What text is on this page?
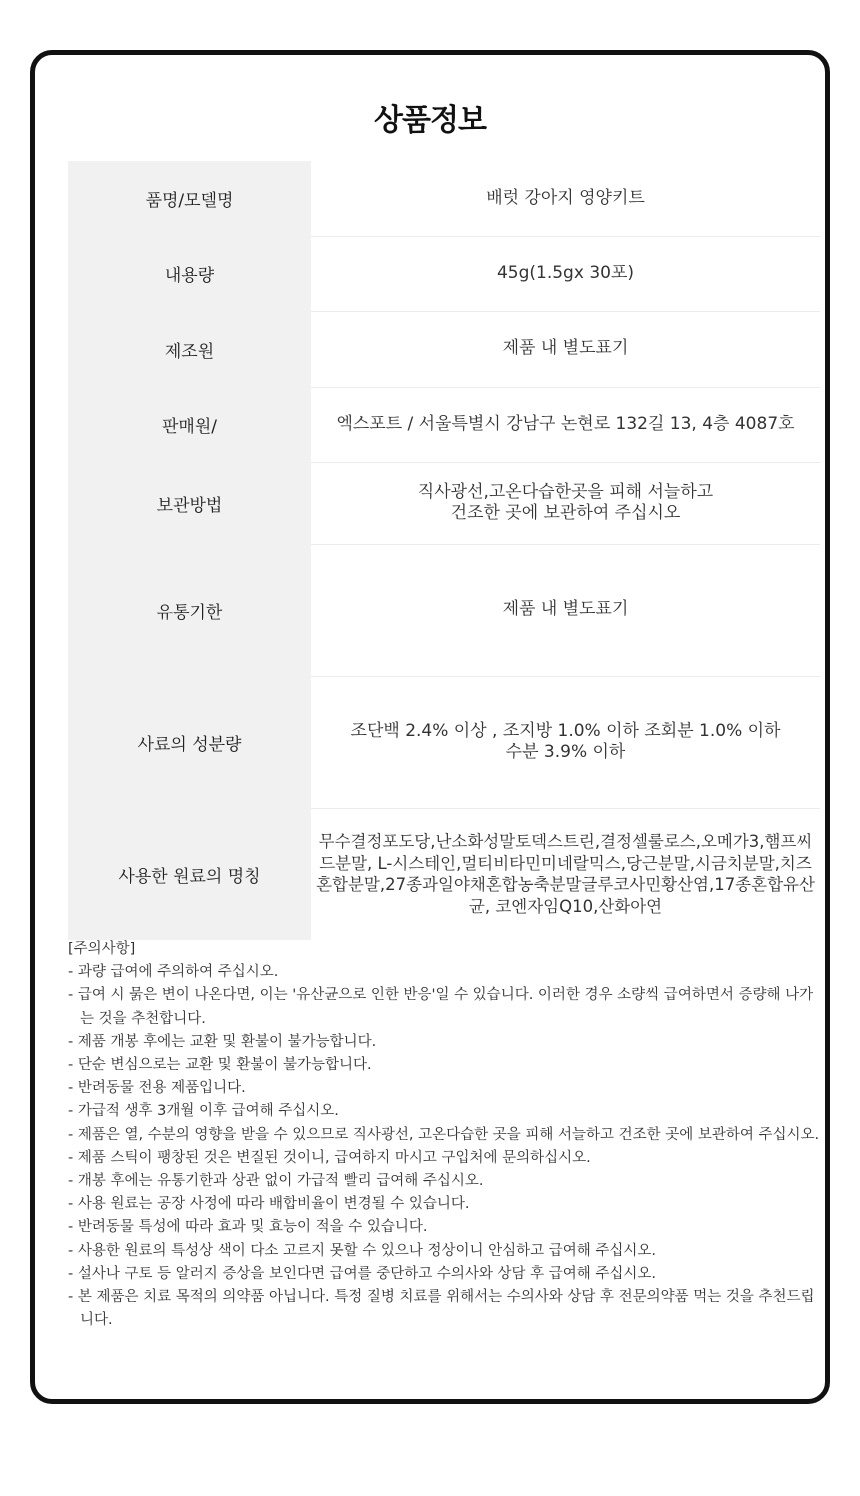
상품정보
품명/모델명	배럿 강아지 영양키트
내용량	45g(1.5gx 30포)
제조원	제품 내 별도표기
판매원/	엑스포트 / 서울특별시 강남구 논현로 132길 13, 4층 4087호
보관방법	직사광선,고온다습한곳을 피해 서늘하고
건조한 곳에 보관하여 주십시오
유통기한	제품 내 별도표기
사료의 성분량	조단백 2.4% 이상 , 조지방 1.0% 이하 조회분 1.0% 이하
수분 3.9% 이하
사용한 원료의 명칭	무수결정포도당,난소화성말토덱스트린,결정셀룰로스,오메가3,햄프씨드분말, L-시스테인,멀티비타민미네랄믹스,당근분말,시금치분말,치즈혼합분말,27종과일야채혼합농축분말글루코사민황산염,17종혼합유산균, 코엔자임Q10,산화아연
[주의사항]
- 과량 급여에 주의하여 주십시오.
- 급여 시 묽은 변이 나온다면, 이는 '유산균으로 인한 반응'일 수 있습니다. 이러한 경우 소량씩 급여하면서 증량해 나가는 것을 추천합니다.
- 제품 개봉 후에는 교환 및 환불이 불가능합니다.
- 단순 변심으로는 교환 및 환불이 불가능합니다.
- 반려동물 전용 제품입니다.
- 가급적 생후 3개월 이후 급여해 주십시오.
- 제품은 열, 수분의 영향을 받을 수 있으므로 직사광선, 고온다습한 곳을 피해 서늘하고 건조한 곳에 보관하여 주십시오.
- 제품 스틱이 팽창된 것은 변질된 것이니, 급여하지 마시고 구입처에 문의하십시오.
- 개봉 후에는 유통기한과 상관 없이 가급적 빨리 급여해 주십시오.
- 사용 원료는 공장 사정에 따라 배합비율이 변경될 수 있습니다.
- 반려동물 특성에 따라 효과 및 효능이 적을 수 있습니다.
- 사용한 원료의 특성상 색이 다소 고르지 못할 수 있으나 정상이니 안심하고 급여해 주십시오.
- 설사나 구토 등 알러지 증상을 보인다면 급여를 중단하고 수의사와 상담 후 급여해 주십시오.
- 본 제품은 치료 목적의 의약품 아닙니다. 특정 질병 치료를 위해서는 수의사와 상담 후 전문의약품 먹는 것을 추천드립니다.
